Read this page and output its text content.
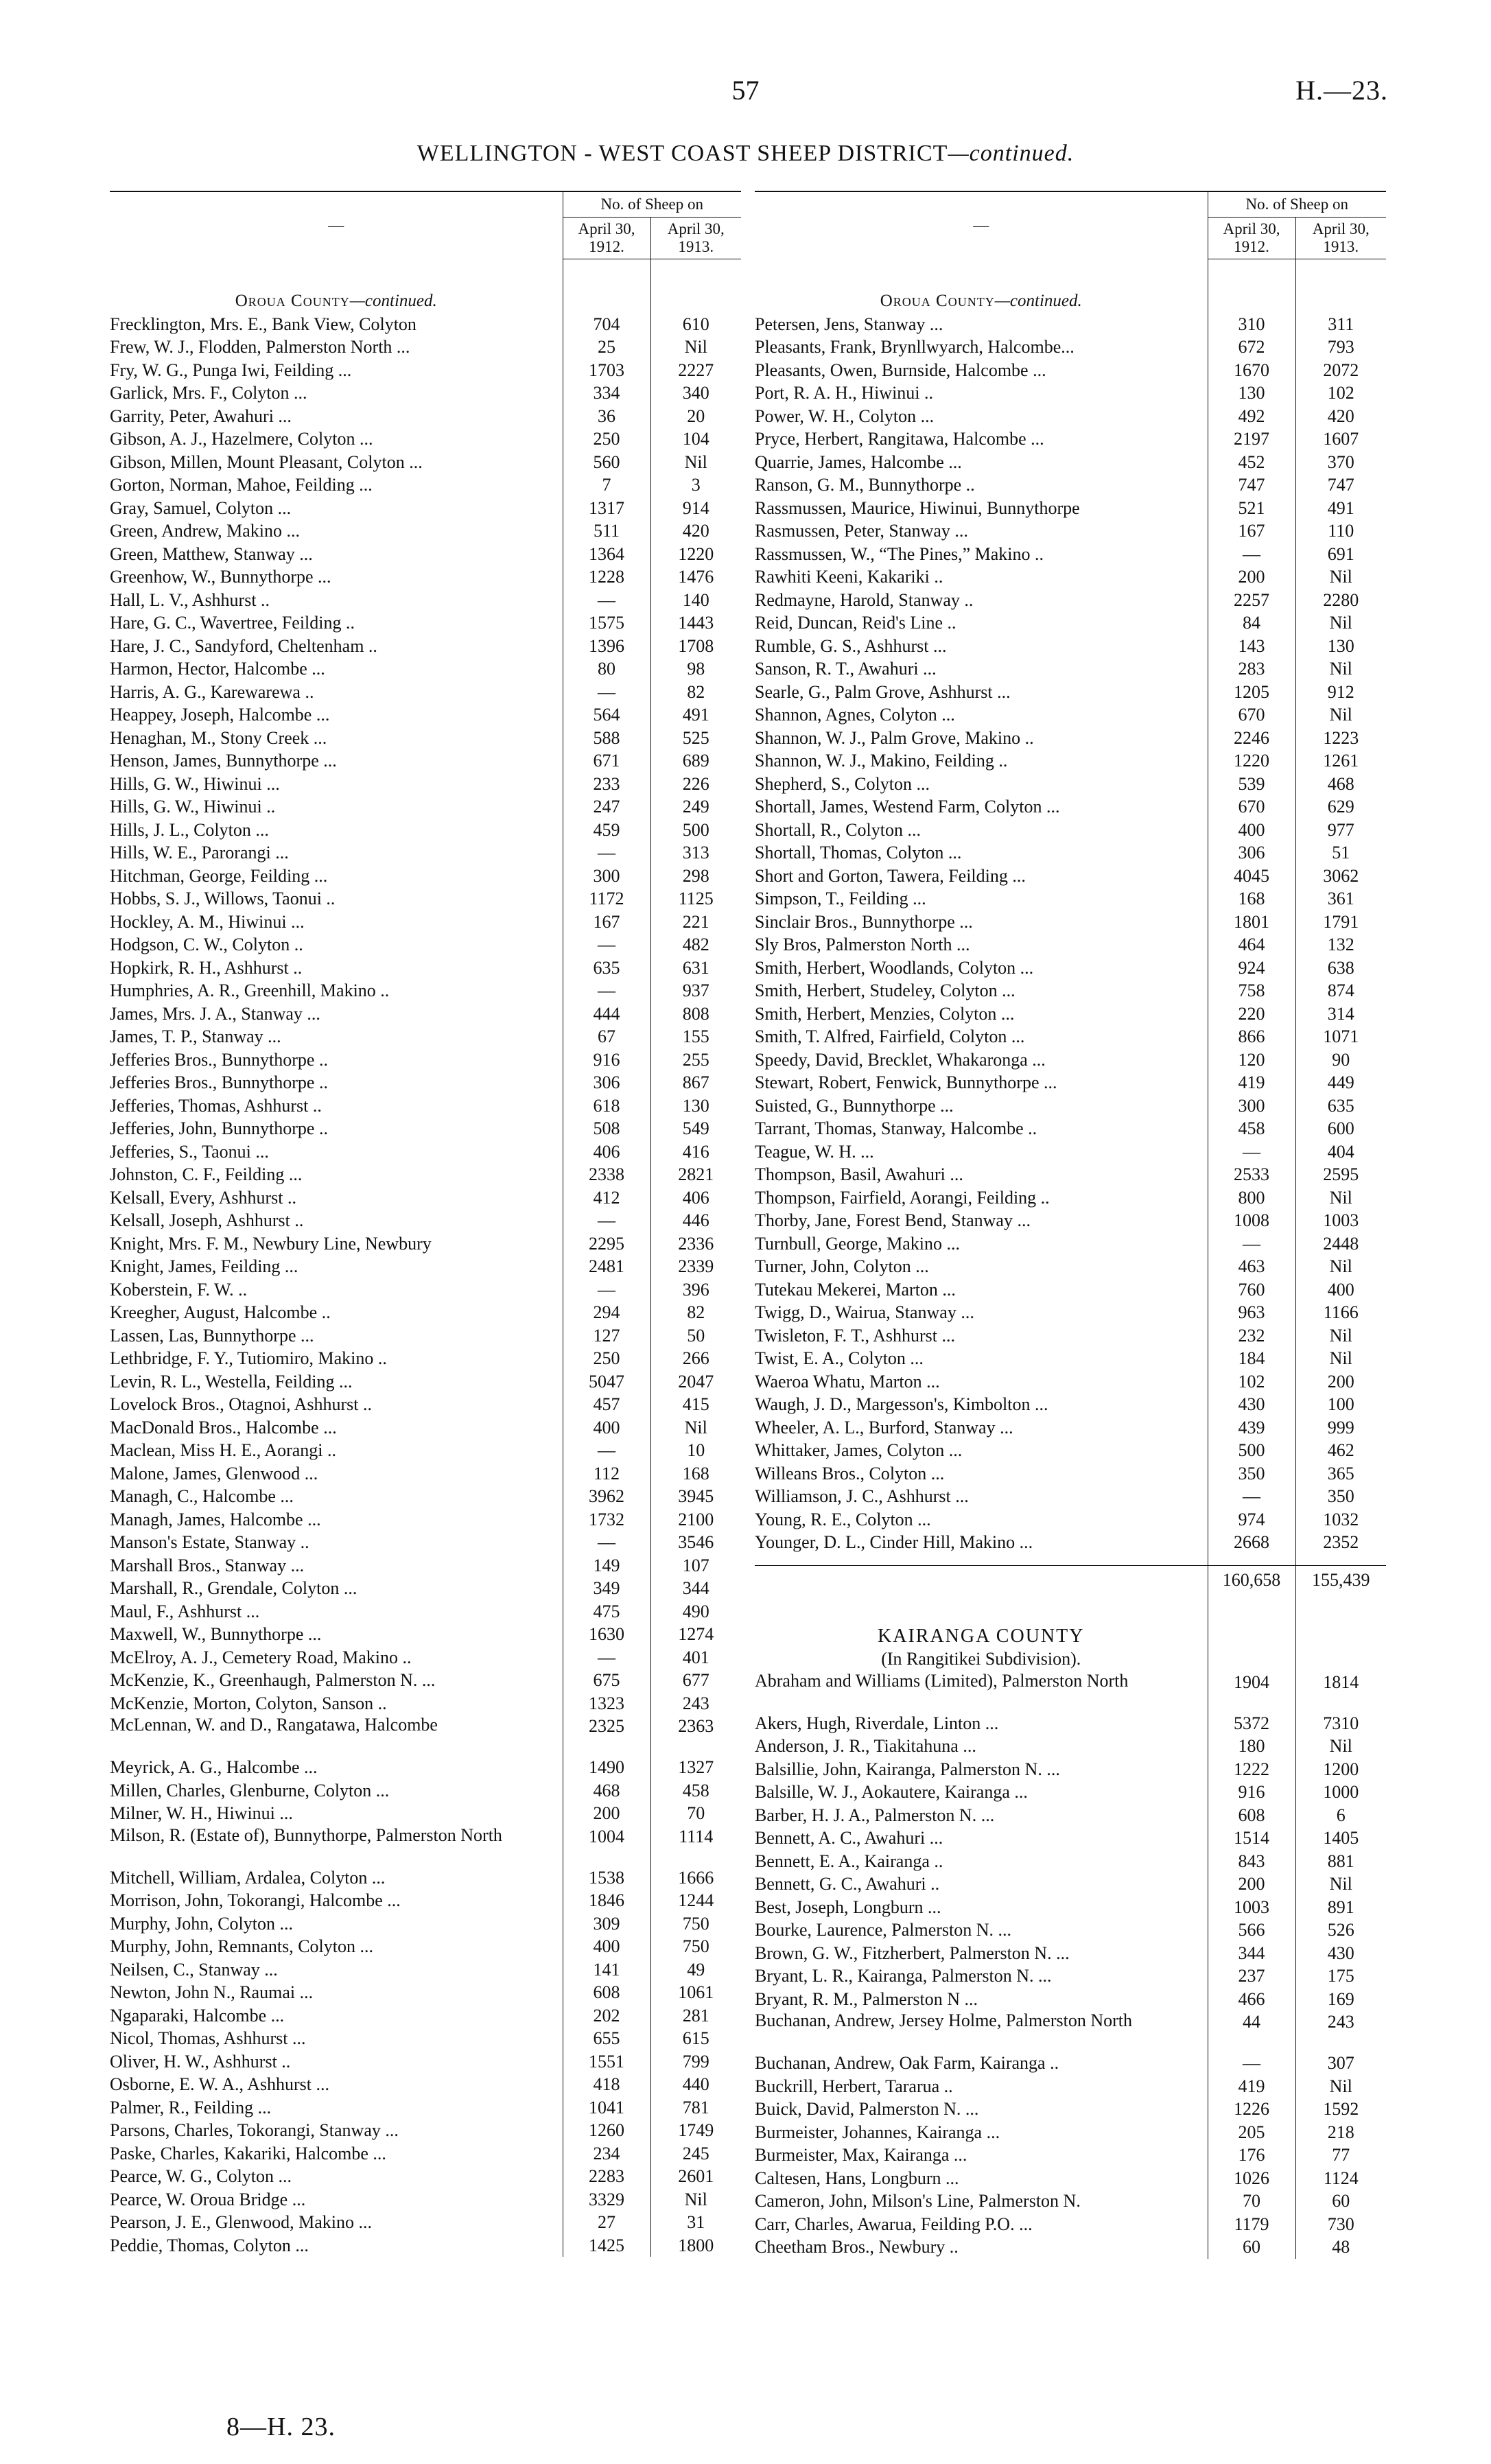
57	H.—23.
WELLINGTON - WEST COAST SHEEP DISTRICT—continued.
—	No. of Sheep on	
	April 30, 1912.	April 30, 1913.

Oroua County—continued.		
Frecklington, Mrs. E., Bank View, Colyton	704	610
Frew, W. J., Flodden, Palmerston North ...	25	Nil
Fry, W. G., Punga Iwi, Feilding ...	1703	2227
Garlick, Mrs. F., Colyton ...	334	340
Garrity, Peter, Awahuri ...	36	20
Gibson, A. J., Hazelmere, Colyton ...	250	104
Gibson, Millen, Mount Pleasant, Colyton ...	560	Nil
Gorton, Norman, Mahoe, Feilding ...	7	3
Gray, Samuel, Colyton ...	1317	914
Green, Andrew, Makino ...	511	420
Green, Matthew, Stanway ...	1364	1220
Greenhow, W., Bunnythorpe ...	1228	1476
Hall, L. V., Ashhurst ..	—	140
Hare, G. C., Wavertree, Feilding ..	1575	1443
Hare, J. C., Sandyford, Cheltenham ..	1396	1708
Harmon, Hector, Halcombe ...	80	98
Harris, A. G., Karewarewa ..	—	82
Heappey, Joseph, Halcombe ...	564	491
Henaghan, M., Stony Creek ...	588	525
Henson, James, Bunnythorpe ...	671	689
Hills, G. W., Hiwinui ...	233	226
Hills, G. W., Hiwinui ..	247	249
Hills, J. L., Colyton ...	459	500
Hills, W. E., Parorangi ...	—	313
Hitchman, George, Feilding ...	300	298
Hobbs, S. J., Willows, Taonui ..	1172	1125
Hockley, A. M., Hiwinui ...	167	221
Hodgson, C. W., Colyton ..	—	482
Hopkirk, R. H., Ashhurst ..	635	631
Humphries, A. R., Greenhill, Makino ..	—	937
James, Mrs. J. A., Stanway ...	444	808
James, T. P., Stanway ...	67	155
Jefferies Bros., Bunnythorpe ..	916	255
Jefferies Bros., Bunnythorpe ..	306	867
Jefferies, Thomas, Ashhurst ..	618	130
Jefferies, John, Bunnythorpe ..	508	549
Jefferies, S., Taonui ...	406	416
Johnston, C. F., Feilding ...	2338	2821
Kelsall, Every, Ashhurst ..	412	406
Kelsall, Joseph, Ashhurst ..	—	446
Knight, Mrs. F. M., Newbury Line, Newbury	2295	2336
Knight, James, Feilding ...	2481	2339
Koberstein, F. W. ..	—	396
Kreegher, August, Halcombe ..	294	82
Lassen, Las, Bunnythorpe ...	127	50
Lethbridge, F. Y., Tutiomiro, Makino ..	250	266
Levin, R. L., Westella, Feilding ...	5047	2047
Lovelock Bros., Otagnoi, Ashhurst ..	457	415
MacDonald Bros., Halcombe ...	400	Nil
Maclean, Miss H. E., Aorangi ..	—	10
Malone, James, Glenwood ...	112	168
Managh, C., Halcombe ...	3962	3945
Managh, James, Halcombe ...	1732	2100
Manson's Estate, Stanway ..	—	3546
Marshall Bros., Stanway ...	149	107
Marshall, R., Grendale, Colyton ...	349	344
Maul, F., Ashhurst ...	475	490
Maxwell, W., Bunnythorpe ...	1630	1274
McElroy, A. J., Cemetery Road, Makino ..	—	401
McKenzie, K., Greenhaugh, Palmerston N. ...	675	677
McKenzie, Morton, Colyton, Sanson ..	1323	243
McLennan, W. and D., Rangatawa, Halcombe	2325	2363
Meyrick, A. G., Halcombe ...	1490	1327
Millen, Charles, Glenburne, Colyton ...	468	458
Milner, W. H., Hiwinui ...	200	70
Milson, R. (Estate of), Bunnythorpe, Palmerston North	1004	1114
Mitchell, William, Ardalea, Colyton ...	1538	1666
Morrison, John, Tokorangi, Halcombe ...	1846	1244
Murphy, John, Colyton ...	309	750
Murphy, John, Remnants, Colyton ...	400	750
Neilsen, C., Stanway ...	141	49
Newton, John N., Raumai ...	608	1061
Ngaparaki, Halcombe ...	202	281
Nicol, Thomas, Ashhurst ...	655	615
Oliver, H. W., Ashhurst ..	1551	799
Osborne, E. W. A., Ashhurst ...	418	440
Palmer, R., Feilding ...	1041	781
Parsons, Charles, Tokorangi, Stanway ...	1260	1749
Paske, Charles, Kakariki, Halcombe ...	234	245
Pearce, W. G., Colyton ...	2283	2601
Pearce, W. Oroua Bridge ...	3329	Nil
Pearson, J. E., Glenwood, Makino ...	27	31
Peddie, Thomas, Colyton ...	1425	1800
—	No. of Sheep on	
	April 30, 1912.	April 30, 1913.

Oroua County—continued.		
Petersen, Jens, Stanway ...	310	311
Pleasants, Frank, Brynllwyarch, Halcombe...	672	793
Pleasants, Owen, Burnside, Halcombe ...	1670	2072
Port, R. A. H., Hiwinui ..	130	102
Power, W. H., Colyton ...	492	420
Pryce, Herbert, Rangitawa, Halcombe ...	2197	1607
Quarrie, James, Halcombe ...	452	370
Ranson, G. M., Bunnythorpe ..	747	747
Rassmussen, Maurice, Hiwinui, Bunnythorpe	521	491
Rasmussen, Peter, Stanway ...	167	110
Rassmussen, W., “The Pines,” Makino ..	—	691
Rawhiti Keeni, Kakariki ..	200	Nil
Redmayne, Harold, Stanway ..	2257	2280
Reid, Duncan, Reid's Line ..	84	Nil
Rumble, G. S., Ashhurst ...	143	130
Sanson, R. T., Awahuri ...	283	Nil
Searle, G., Palm Grove, Ashhurst ...	1205	912
Shannon, Agnes, Colyton ...	670	Nil
Shannon, W. J., Palm Grove, Makino ..	2246	1223
Shannon, W. J., Makino, Feilding ..	1220	1261
Shepherd, S., Colyton ...	539	468
Shortall, James, Westend Farm, Colyton ...	670	629
Shortall, R., Colyton ...	400	977
Shortall, Thomas, Colyton ...	306	51
Short and Gorton, Tawera, Feilding ...	4045	3062
Simpson, T., Feilding ...	168	361
Sinclair Bros., Bunnythorpe ...	1801	1791
Sly Bros, Palmerston North ...	464	132
Smith, Herbert, Woodlands, Colyton ...	924	638
Smith, Herbert, Studeley, Colyton ...	758	874
Smith, Herbert, Menzies, Colyton ...	220	314
Smith, T. Alfred, Fairfield, Colyton ...	866	1071
Speedy, David, Brecklet, Whakaronga ...	120	90
Stewart, Robert, Fenwick, Bunnythorpe ...	419	449
Suisted, G., Bunnythorpe ...	300	635
Tarrant, Thomas, Stanway, Halcombe ..	458	600
Teague, W. H. ...	—	404
Thompson, Basil, Awahuri ...	2533	2595
Thompson, Fairfield, Aorangi, Feilding ..	800	Nil
Thorby, Jane, Forest Bend, Stanway ...	1008	1003
Turnbull, George, Makino ...	—	2448
Turner, John, Colyton ...	463	Nil
Tutekau Mekerei, Marton ...	760	400
Twigg, D., Wairua, Stanway ...	963	1166
Twisleton, F. T., Ashhurst ...	232	Nil
Twist, E. A., Colyton ...	184	Nil
Waeroa Whatu, Marton ...	102	200
Waugh, J. D., Margesson's, Kimbolton ...	430	100
Wheeler, A. L., Burford, Stanway ...	439	999
Whittaker, James, Colyton ...	500	462
Willeans Bros., Colyton ...	350	365
Williamson, J. C., Ashhurst ...	—	350
Young, R. E., Colyton ...	974	1032
Younger, D. L., Cinder Hill, Makino ...	2668	2352

	160,658	155,439

KAIRANGA COUNTY		
(In Rangitikei Subdivision).		
Abraham and Williams (Limited), Palmerston North	1904	1814
Akers, Hugh, Riverdale, Linton ...	5372	7310
Anderson, J. R., Tiakitahuna ...	180	Nil
Balsillie, John, Kairanga, Palmerston N. ...	1222	1200
Balsille, W. J., Aokautere, Kairanga ...	916	1000
Barber, H. J. A., Palmerston N. ...	608	6
Bennett, A. C., Awahuri ...	1514	1405
Bennett, E. A., Kairanga ..	843	881
Bennett, G. C., Awahuri ..	200	Nil
Best, Joseph, Longburn ...	1003	891
Bourke, Laurence, Palmerston N. ...	566	526
Brown, G. W., Fitzherbert, Palmerston N. ...	344	430
Bryant, L. R., Kairanga, Palmerston N. ...	237	175
Bryant, R. M., Palmerston N ...	466	169
Buchanan, Andrew, Jersey Holme, Palmerston North	44	243
Buchanan, Andrew, Oak Farm, Kairanga ..	—	307
Buckrill, Herbert, Tararua ..	419	Nil
Buick, David, Palmerston N. ...	1226	1592
Burmeister, Johannes, Kairanga ...	205	218
Burmeister, Max, Kairanga ...	176	77
Caltesen, Hans, Longburn ...	1026	1124
Cameron, John, Milson's Line, Palmerston N.	70	60
Carr, Charles, Awarua, Feilding P.O. ...	1179	730
Cheetham Bros., Newbury ..	60	48
8—H. 23.
